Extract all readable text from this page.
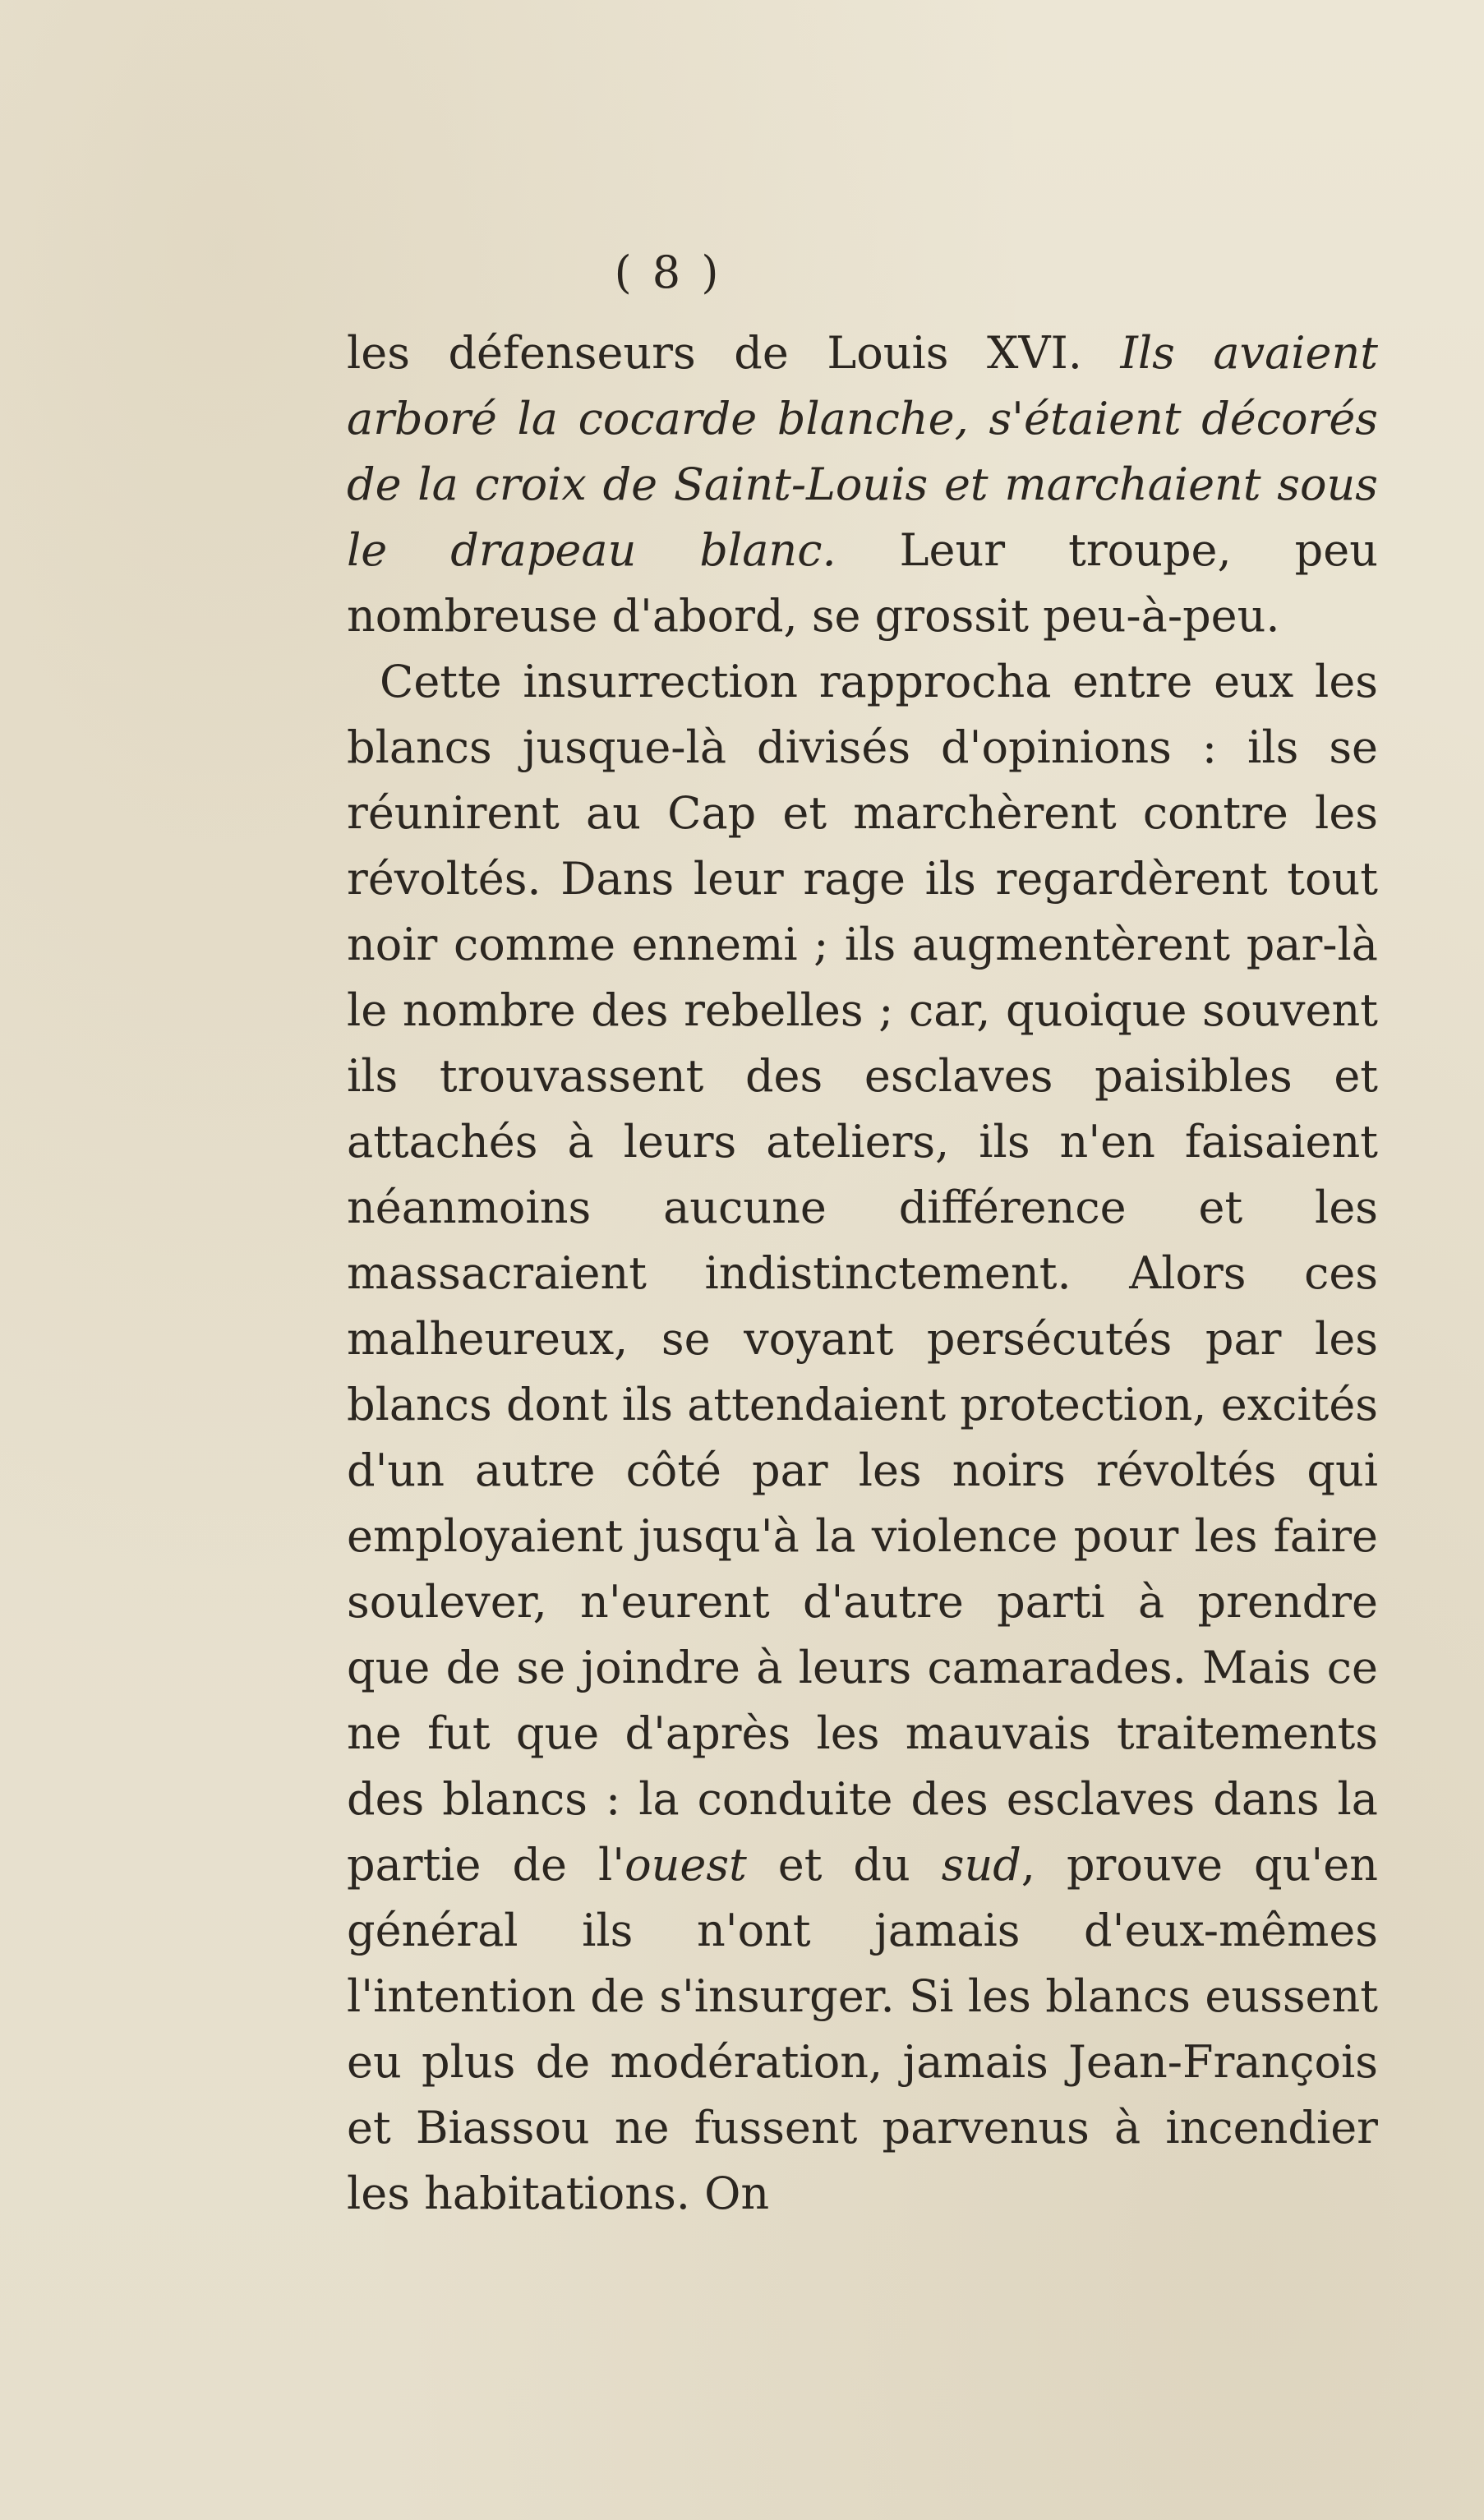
( 8 )

les défenseurs de Louis XVI. Ils avaient arboré la cocarde blanche, s'étaient décorés de la croix de Saint-Louis et marchaient sous le drapeau blanc. Leur troupe, peu nombreuse d'abord, se grossit peu-à-peu.

Cette insurrection rapprocha entre eux les blancs jusque-là divisés d'opinions : ils se réunirent au Cap et marchèrent contre les révoltés. Dans leur rage ils regardèrent tout noir comme ennemi ; ils augmentèrent par-là le nombre des rebelles ; car, quoique souvent ils trouvassent des esclaves paisibles et attachés à leurs ateliers, ils n'en faisaient néanmoins aucune différence et les massacraient indistinctement. Alors ces malheureux, se voyant persécutés par les blancs dont ils attendaient protection, excités d'un autre côté par les noirs révoltés qui employaient jusqu'à la violence pour les faire soulever, n'eurent d'autre parti à prendre que de se joindre à leurs camarades. Mais ce ne fut que d'après les mauvais traitements des blancs : la conduite des esclaves dans la partie de l'ouest et du sud, prouve qu'en général ils n'ont jamais d'eux-mêmes l'intention de s'insurger. Si les blancs eussent eu plus de modération, jamais Jean-François et Biassou ne fussent parvenus à incendier les habitations. On
